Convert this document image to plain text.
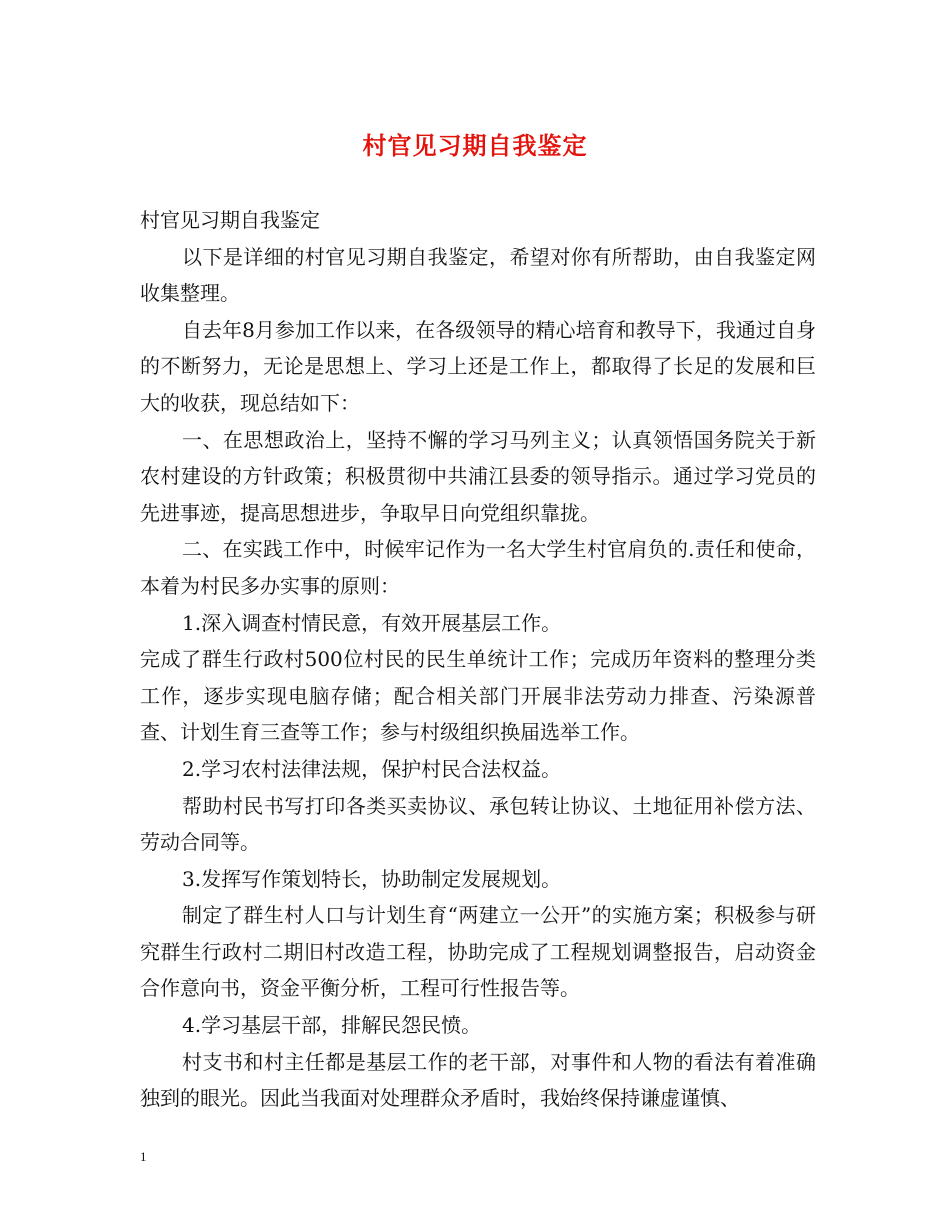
村官见习期自我鉴定

村官见习期自我鉴定

以下是详细的村官见习期自我鉴定，希望对你有所帮助，由自我鉴定网收集整理。

自去年8月参加工作以来，在各级领导的精心培育和教导下，我通过自身的不断努力，无论是思想上、学习上还是工作上，都取得了长足的发展和巨大的收获，现总结如下：

一、在思想政治上，坚持不懈的学习马列主义；认真领悟国务院关于新农村建设的方针政策；积极贯彻中共浦江县委的领导指示。通过学习党员的先进事迹，提高思想进步，争取早日向党组织靠拢。

二、在实践工作中，时候牢记作为一名大学生村官肩负的.责任和使命，本着为村民多办实事的原则：

1.深入调查村情民意，有效开展基层工作。

完成了群生行政村500位村民的民生单统计工作；完成历年资料的整理分类工作，逐步实现电脑存储；配合相关部门开展非法劳动力排查、污染源普查、计划生育三查等工作；参与村级组织换届选举工作。

2.学习农村法律法规，保护村民合法权益。

帮助村民书写打印各类买卖协议、承包转让协议、土地征用补偿方法、劳动合同等。

3.发挥写作策划特长，协助制定发展规划。

制定了群生村人口与计划生育“两建立一公开”的实施方案；积极参与研究群生行政村二期旧村改造工程，协助完成了工程规划调整报告，启动资金合作意向书，资金平衡分析，工程可行性报告等。

4.学习基层干部，排解民怨民愤。

村支书和村主任都是基层工作的老干部，对事件和人物的看法有着准确独到的眼光。因此当我面对处理群众矛盾时，我始终保持谦虚谨慎、

1
